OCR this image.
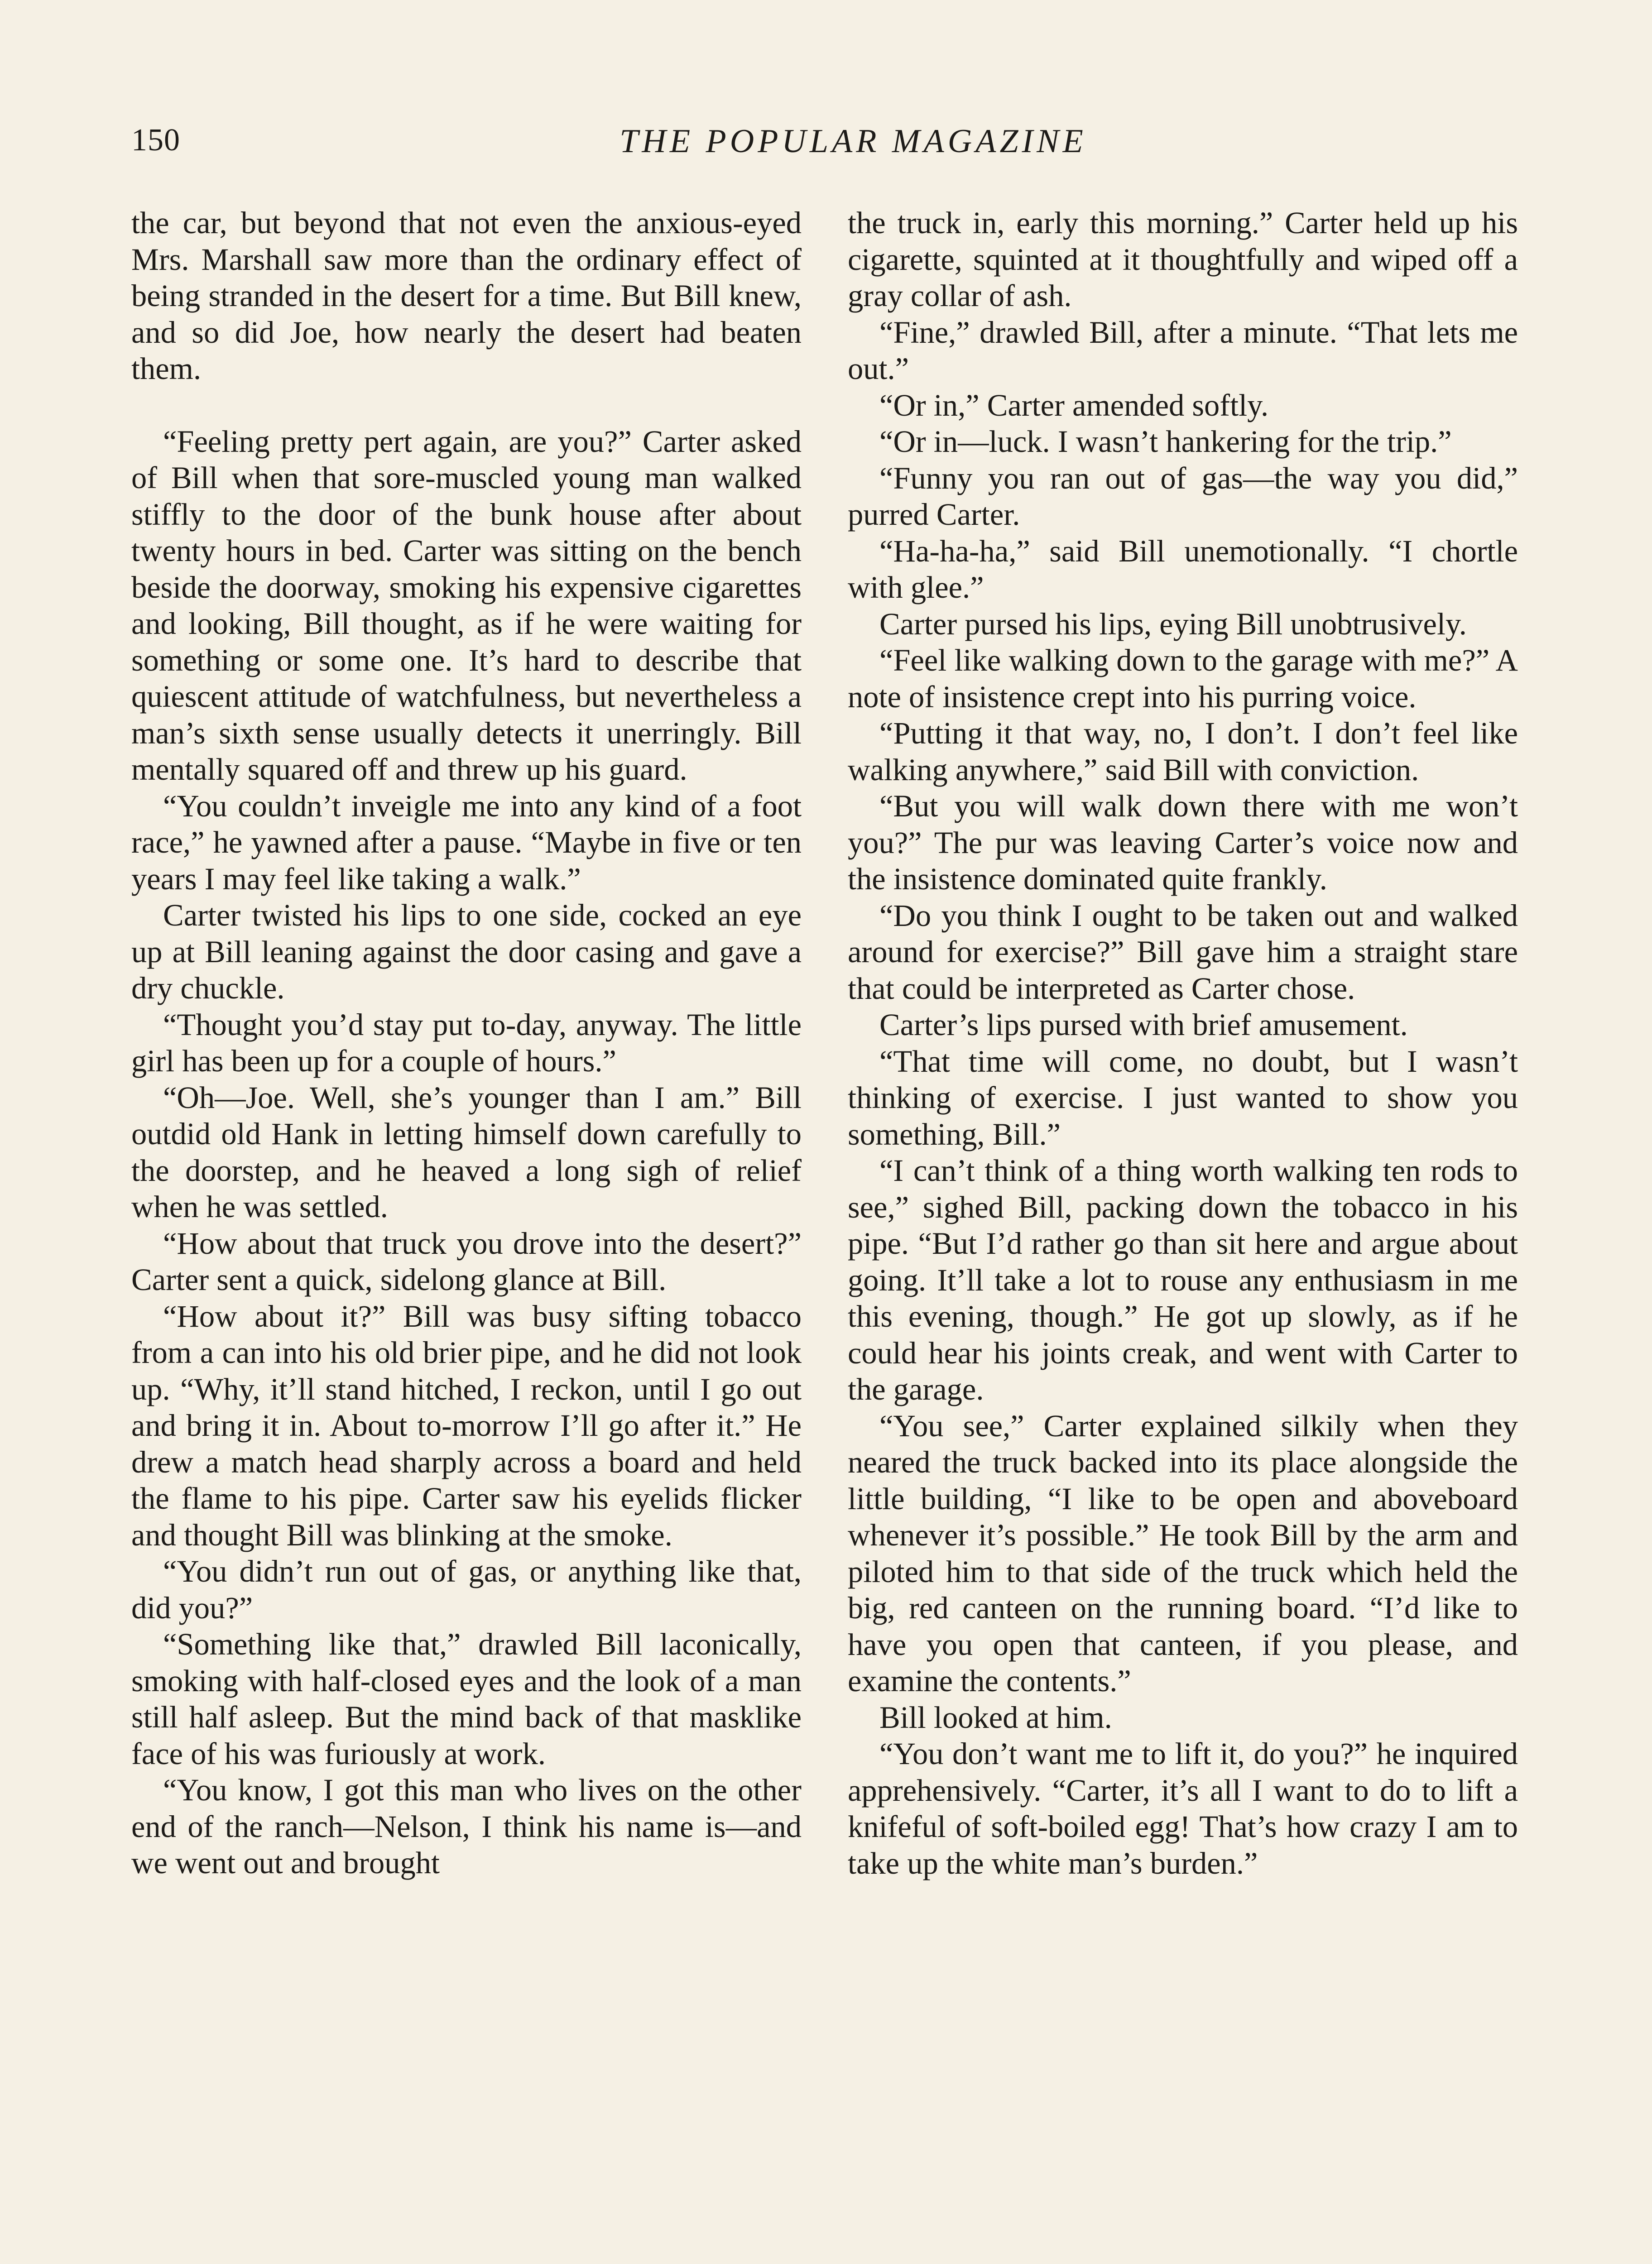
150	THE POPULAR MAGAZINE

the car, but beyond that not even the anxious-eyed Mrs. Marshall saw more than the ordinary effect of being stranded in the desert for a time. But Bill knew, and so did Joe, how nearly the desert had beaten them.

“Feeling pretty pert again, are you?” Carter asked of Bill when that sore-muscled young man walked stiffly to the door of the bunk house after about twenty hours in bed. Carter was sitting on the bench beside the doorway, smoking his expensive cigarettes and looking, Bill thought, as if he were waiting for something or some one. It’s hard to describe that quiescent attitude of watchfulness, but nevertheless a man’s sixth sense usually detects it unerringly. Bill mentally squared off and threw up his guard.

“You couldn’t inveigle me into any kind of a foot race,” he yawned after a pause. “Maybe in five or ten years I may feel like taking a walk.”

Carter twisted his lips to one side, cocked an eye up at Bill leaning against the door casing and gave a dry chuckle.

“Thought you’d stay put to-day, anyway. The little girl has been up for a couple of hours.”

“Oh—Joe. Well, she’s younger than I am.” Bill outdid old Hank in letting himself down carefully to the doorstep, and he heaved a long sigh of relief when he was settled.

“How about that truck you drove into the desert?” Carter sent a quick, sidelong glance at Bill.

“How about it?” Bill was busy sifting tobacco from a can into his old brier pipe, and he did not look up. “Why, it’ll stand hitched, I reckon, until I go out and bring it in. About to-morrow I’ll go after it.” He drew a match head sharply across a board and held the flame to his pipe. Carter saw his eyelids flicker and thought Bill was blinking at the smoke.

“You didn’t run out of gas, or anything like that, did you?”

“Something like that,” drawled Bill laconically, smoking with half-closed eyes and the look of a man still half asleep. But the mind back of that masklike face of his was furiously at work.

“You know, I got this man who lives on the other end of the ranch—Nelson, I think his name is—and we went out and brought

the truck in, early this morning.” Carter held up his cigarette, squinted at it thoughtfully and wiped off a gray collar of ash.

“Fine,” drawled Bill, after a minute. “That lets me out.”

“Or in,” Carter amended softly.

“Or in—luck. I wasn’t hankering for the trip.”

“Funny you ran out of gas—the way you did,” purred Carter.

“Ha-ha-ha,” said Bill unemotionally. “I chortle with glee.”

Carter pursed his lips, eying Bill unobtrusively.

“Feel like walking down to the garage with me?” A note of insistence crept into his purring voice.

“Putting it that way, no, I don’t. I don’t feel like walking anywhere,” said Bill with conviction.

“But you will walk down there with me won’t you?” The pur was leaving Carter’s voice now and the insistence dominated quite frankly.

“Do you think I ought to be taken out and walked around for exercise?” Bill gave him a straight stare that could be interpreted as Carter chose.

Carter’s lips pursed with brief amusement.

“That time will come, no doubt, but I wasn’t thinking of exercise. I just wanted to show you something, Bill.”

“I can’t think of a thing worth walking ten rods to see,” sighed Bill, packing down the tobacco in his pipe. “But I’d rather go than sit here and argue about going. It’ll take a lot to rouse any enthusiasm in me this evening, though.” He got up slowly, as if he could hear his joints creak, and went with Carter to the garage.

“You see,” Carter explained silkily when they neared the truck backed into its place alongside the little building, “I like to be open and aboveboard whenever it’s possible.” He took Bill by the arm and piloted him to that side of the truck which held the big, red canteen on the running board. “I’d like to have you open that canteen, if you please, and examine the contents.”

Bill looked at him.

“You don’t want me to lift it, do you?” he inquired apprehensively. “Carter, it’s all I want to do to lift a knifeful of soft-boiled egg! That’s how crazy I am to take up the white man’s burden.”
